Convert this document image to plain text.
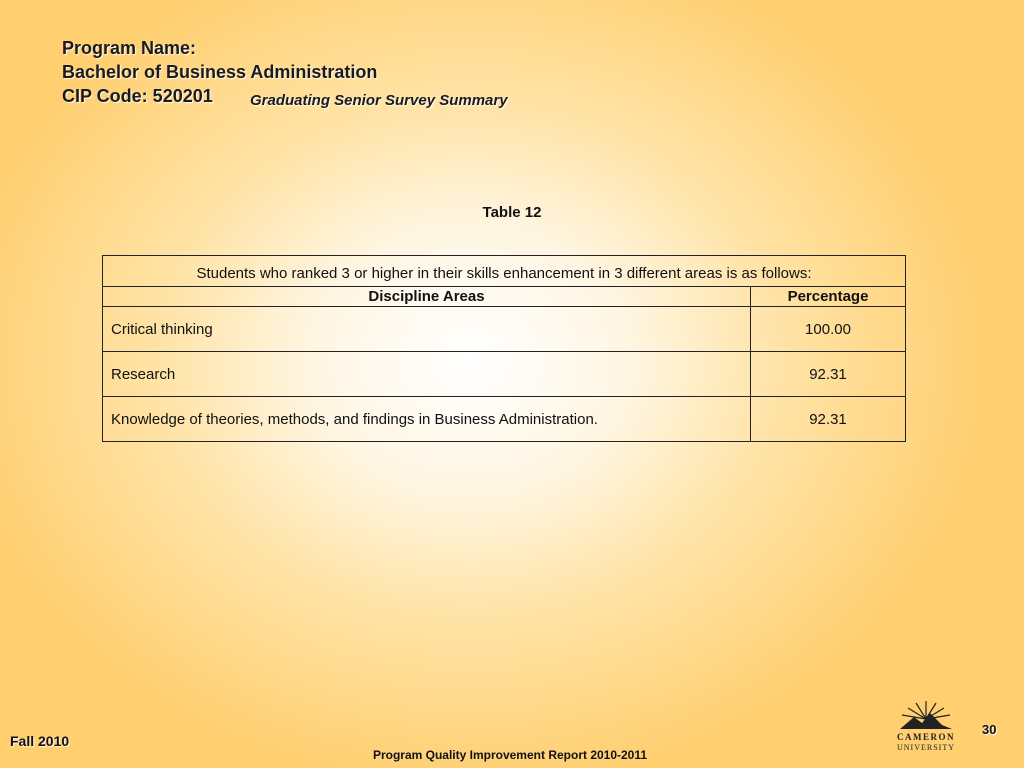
Program Name:
Bachelor of Business Administration
CIP Code: 520201	Graduating Senior Survey Summary
Table 12
Students who ranked 3 or higher in their skills enhancement in 3 different areas is as follows:	
Discipline Areas	Percentage
Critical thinking	100.00
Research	92.31
Knowledge of theories, methods, and findings in Business Administration.	92.31
Fall 2010
Program Quality Improvement Report 2010-2011
CAMERON
UNIVERSITY
30
